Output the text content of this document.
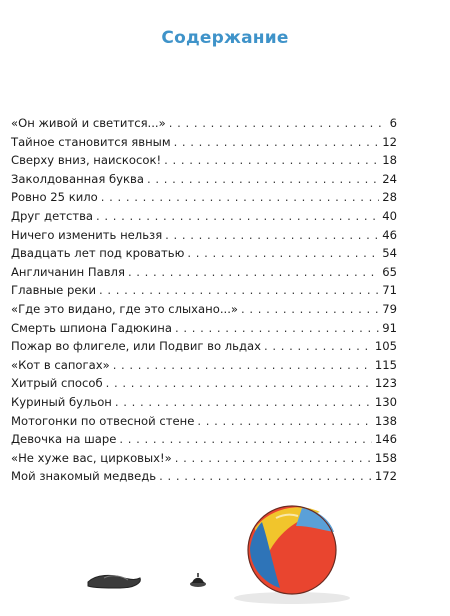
Содержание
«Он живой и светится...» . . .	6
Тайное становится явным . . .	12
Сверху вниз, наискосок! . . .	18
Заколдованная буква . . .	24
Ровно 25 кило . . .	28
Друг детства . . .	40
Ничего изменить нельзя . . .	46
Двадцать лет под кроватью . . .	54
Англичанин Павля . . .	65
Главные реки . . .	71
«Где это видано, где это слыхано...» . . .	79
Смерть шпиона Гадюкина . . .	91
Пожар во флигеле, или Подвиг во льдах . . .	105
«Кот в сапогах» . . .	115
Хитрый способ . . .	123
Куриный бульон . . .	130
Мотогонки по отвесной стене . . .	138
Девочка на шаре . . .	146
«Не хуже вас, цирковых!» . . .	158
Мой знакомый медведь . . .	172
